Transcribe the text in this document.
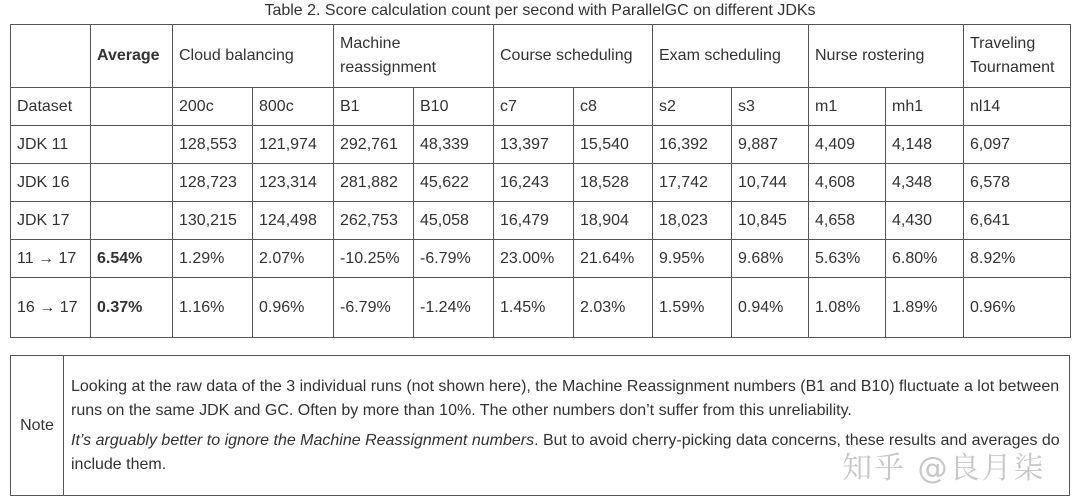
Table 2. Score calculation count per second with ParallelGC on different JDKs
	Average	Cloud balancing		Machine reassignment		Course scheduling		Exam scheduling		Nurse rostering		Traveling Tournament
Dataset		200c	800c	B1	B10	c7	c8	s2	s3	m1	mh1	nl14
JDK 11		128,553	121,974	292,761	48,339	13,397	15,540	16,392	9,887	4,409	4,148	6,097
JDK 16		128,723	123,314	281,882	45,622	16,243	18,528	17,742	10,744	4,608	4,348	6,578
JDK 17		130,215	124,498	262,753	45,058	16,479	18,904	18,023	10,845	4,658	4,430	6,641
11 → 17	6.54%	1.29%	2.07%	-10.25%	-6.79%	23.00%	21.64%	9.95%	9.68%	5.63%	6.80%	8.92%
16 → 17	0.37%	1.16%	0.96%	-6.79%	-1.24%	1.45%	2.03%	1.59%	0.94%	1.08%	1.89%	0.96%
Note	

Looking at the raw data of the 3 individual runs (not shown here), the Machine Reassignment numbers (B1 and B10) fluctuate a lot between runs on the same JDK and GC. Often by more than 10%. The other numbers don’t suffer from this unreliability.

It’s arguably better to ignore the Machine Reassignment numbers

. But to avoid cherry-picking data concerns, these results and averages do include them.	知乎 @良月柒
